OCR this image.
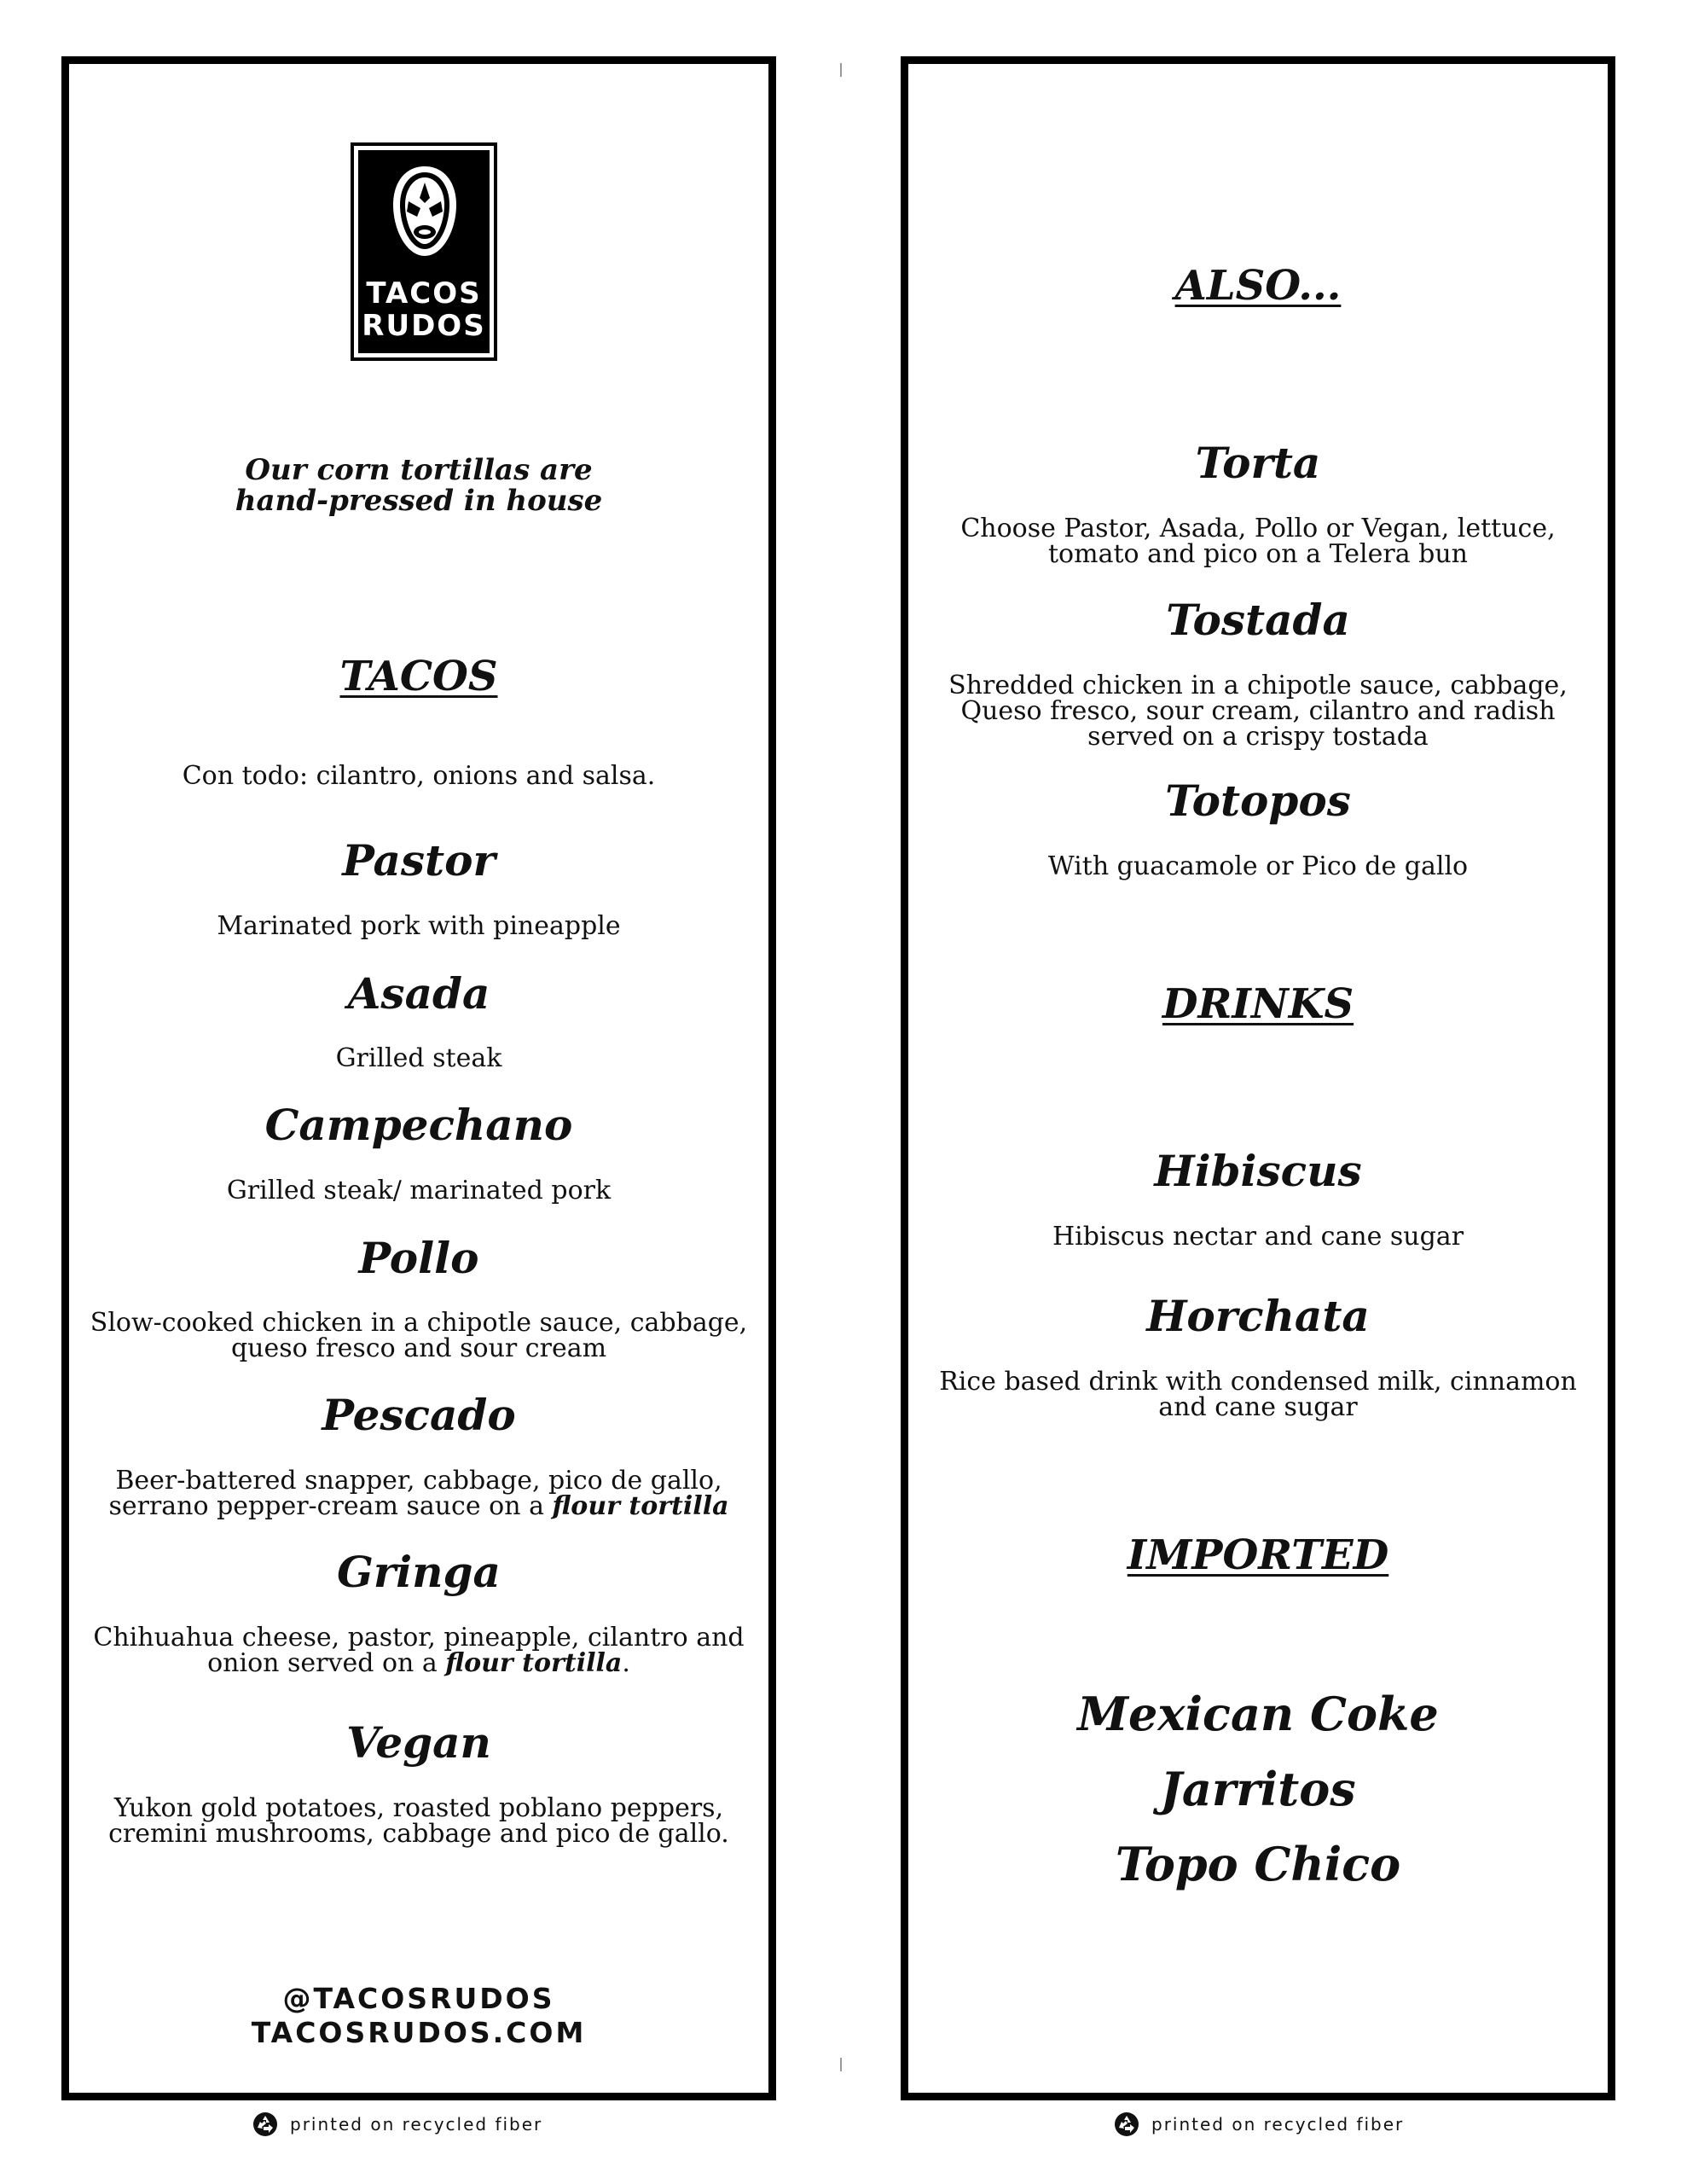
TACOS
RUDOS
Our corn tortillas are
hand-pressed in house
TACOS
Con todo: cilantro, onions and salsa.
Pastor
Marinated pork with pineapple
Asada
Grilled steak
Campechano
Grilled steak/ marinated pork
Pollo
Slow-cooked chicken in a chipotle sauce, cabbage,
queso fresco and sour cream
Pescado
Beer-battered snapper, cabbage, pico de gallo,
serrano pepper-cream sauce on a flour tortilla
Gringa
Chihuahua cheese, pastor, pineapple, cilantro and
onion served on a flour tortilla.
Vegan
Yukon gold potatoes, roasted poblano peppers,
cremini mushrooms, cabbage and pico de gallo.
@TACOSRUDOS
TACOSRUDOS.COM
ALSO...
Torta
Choose Pastor, Asada, Pollo or Vegan, lettuce,
tomato and pico on a Telera bun
Tostada
Shredded chicken in a chipotle sauce, cabbage,
Queso fresco, sour cream, cilantro and radish
served on a crispy tostada
Totopos
With guacamole or Pico de gallo
DRINKS
Hibiscus
Hibiscus nectar and cane sugar
Horchata
Rice based drink with condensed milk, cinnamon
and cane sugar
IMPORTED
Mexican Coke
Jarritos
Topo Chico
printed on recycled fiber	printed on recycled fiber
